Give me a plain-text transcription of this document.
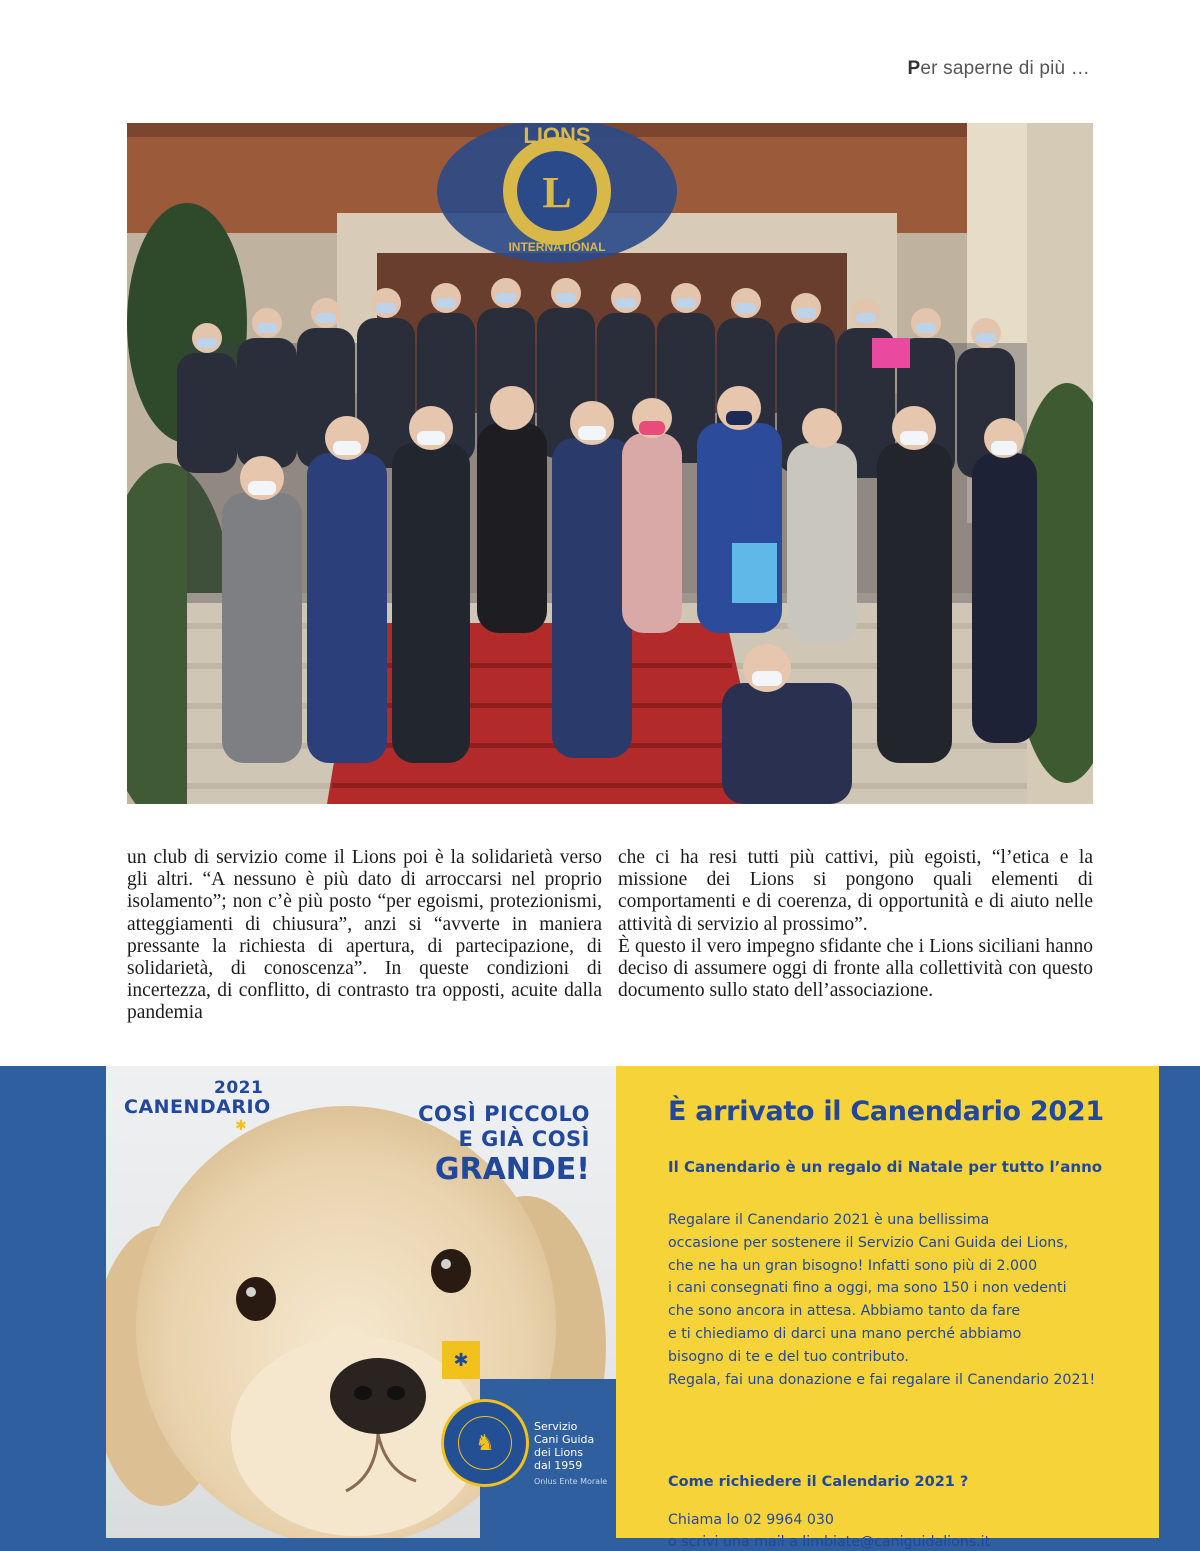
Per saperne di più …
L
LIONS
INTERNATIONAL

un club di servizio come il Lions poi è la solidarietà verso gli altri. “A nessuno è più dato di arroccarsi nel proprio isolamento”; non c’è più posto “per egoismi, protezionismi, atteggiamenti di chiusura”, anzi si “avverte in maniera pressante la richiesta di apertura, di partecipazione, di solidarietà, di conoscenza”. In queste condizioni di incertezza, di conflitto, di contrasto tra opposti, acuite dalla pandemia

che ci ha resi tutti più cattivi, più egoisti, “l’etica e la missione dei Lions si pongono quali elementi di comportamenti e di coerenza, di opportunità e di aiuto nelle attività di servizio al prossimo”.

È questo il vero impegno sfidante che i Lions siciliani hanno deciso di assumere oggi di fronte alla collettività con questo documento sullo stato dell’associazione.

CANENDARIO
2021
✱	COSÌ PICCOLO
E GIÀ COSÌ
GRANDE!
✱
♞
Servizio
Cani Guida
dei Lions
dal 1959
Onlus Ente Morale
È arrivato il Canendario 2021
Il Canendario è un regalo di Natale per tutto l’anno
Regalare il Canendario 2021 è una bellissima
occasione per sostenere il Servizio Cani Guida dei Lions,
che ne ha un gran bisogno! Infatti sono più di 2.000
i cani consegnati fino a oggi, ma sono 150 i non vedenti
che sono ancora in attesa. Abbiamo tanto da fare
e ti chiediamo di darci una mano perché abbiamo
bisogno di te e del tuo contributo.
Regala, fai una donazione e fai regalare il Canendario 2021!
Come richiedere il Calendario 2021 ?
Chiama lo 02 9964 030
o scrivi una mail a limbiate@caniguidalions.it
